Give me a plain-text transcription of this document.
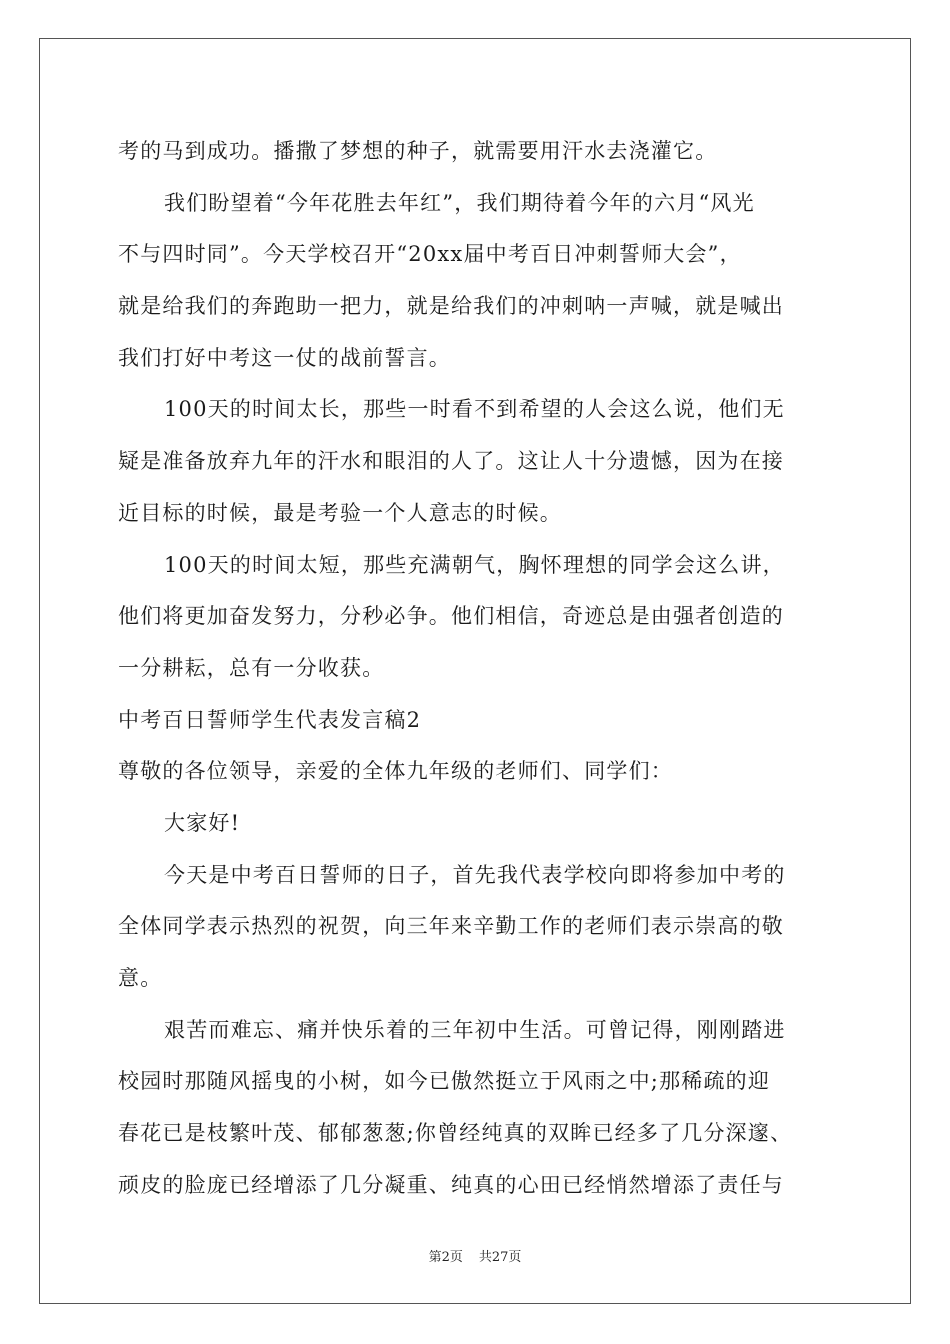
考的马到成功。播撒了梦想的种子，就需要用汗水去浇灌它。
我们盼望着“今年花胜去年红”，我们期待着今年的六月“风光
不与四时同”。今天学校召开“20xx届中考百日冲刺誓师大会”，
就是给我们的奔跑助一把力，就是给我们的冲刺呐一声喊，就是喊出
我们打好中考这一仗的战前誓言。
100天的时间太长，那些一时看不到希望的人会这么说，他们无
疑是准备放弃九年的汗水和眼泪的人了。这让人十分遗憾，因为在接
近目标的时候，最是考验一个人意志的时候。
100天的时间太短，那些充满朝气，胸怀理想的同学会这么讲，
他们将更加奋发努力，分秒必争。他们相信，奇迹总是由强者创造的
一分耕耘，总有一分收获。
中考百日誓师学生代表发言稿2
尊敬的各位领导，亲爱的全体九年级的老师们、同学们：
大家好!
今天是中考百日誓师的日子，首先我代表学校向即将参加中考的
全体同学表示热烈的祝贺，向三年来辛勤工作的老师们表示崇高的敬
意。
艰苦而难忘、痛并快乐着的三年初中生活。可曾记得，刚刚踏进
校园时那随风摇曳的小树，如今已傲然挺立于风雨之中;那稀疏的迎
春花已是枝繁叶茂、郁郁葱葱;你曾经纯真的双眸已经多了几分深邃、
顽皮的脸庞已经增添了几分凝重、纯真的心田已经悄然增添了责任与
第2页 共27页
